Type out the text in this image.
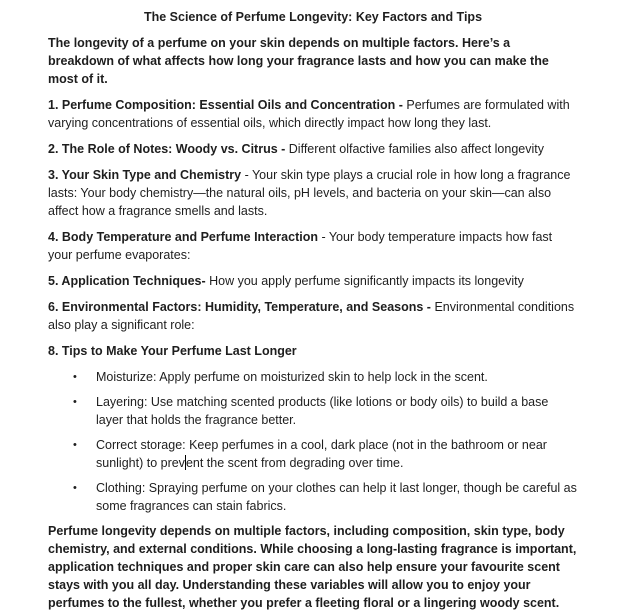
The Science of Perfume Longevity: Key Factors and Tips

The longevity of a perfume on your skin depends on multiple factors. Here’s a breakdown of what affects how long your fragrance lasts and how you can make the most of it.

1. Perfume Composition: Essential Oils and Concentration - Perfumes are formulated with varying concentrations of essential oils, which directly impact how long they last.

2. The Role of Notes: Woody vs. Citrus - Different olfactive families also affect longevity

3. Your Skin Type and Chemistry - Your skin type plays a crucial role in how long a fragrance lasts: Your body chemistry—the natural oils, pH levels, and bacteria on your skin—can also affect how a fragrance smells and lasts.

4. Body Temperature and Perfume Interaction - Your body temperature impacts how fast your perfume evaporates:

5. Application Techniques- How you apply perfume significantly impacts its longevity

6. Environmental Factors: Humidity, Temperature, and Seasons - Environmental conditions also play a significant role:

8. Tips to Make Your Perfume Last Longer

• Moisturize: Apply perfume on moisturized skin to help lock in the scent.
• Layering: Use matching scented products (like lotions or body oils) to build a base layer that holds the fragrance better.
• Correct storage: Keep perfumes in a cool, dark place (not in the bathroom or near sunlight) to prevent the scent from degrading over time.
• Clothing: Spraying perfume on your clothes can help it last longer, though be careful as some fragrances can stain fabrics.

Perfume longevity depends on multiple factors, including composition, skin type, body chemistry, and external conditions. While choosing a long-lasting fragrance is important, application techniques and proper skin care can also help ensure your favourite scent stays with you all day. Understanding these variables will allow you to enjoy your perfumes to the fullest, whether you prefer a fleeting floral or a lingering woody scent.
